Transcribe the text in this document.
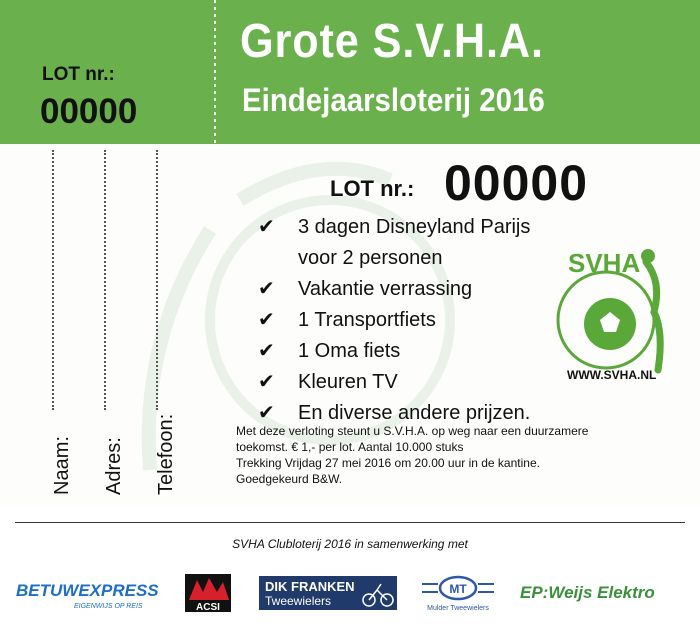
LOT nr.:
00000
Grote S.V.H.A.
Eindejaarsloterij 2016
Naam: Adres: Telefoon:
LOT nr.: 00000
✔ 3 dagen Disneyland Parijs
voor 2 personen
✔ Vakantie verrassing
✔ 1 Transportfiets
✔ 1 Oma fiets
✔ Kleuren TV
✔ En diverse andere prijzen.
SVHA
WWW.SVHA.NL
Met deze verloting steunt u S.V.H.A. op weg naar een duurzamere
toekomst. € 1,- per lot. Aantal 10.000 stuks
Trekking Vrijdag 27 mei 2016 om 20.00 uur in de kantine.
Goedgekeurd B&W.
SVHA Clubloterij 2016 in samenwerking met
BETUWEXPRESS
EIGENWIJS OP REIS	ACSI
DIK FRANKEN
Tweewielers
MT
Mulder Tweewielers
EP:Weijs Elektro
